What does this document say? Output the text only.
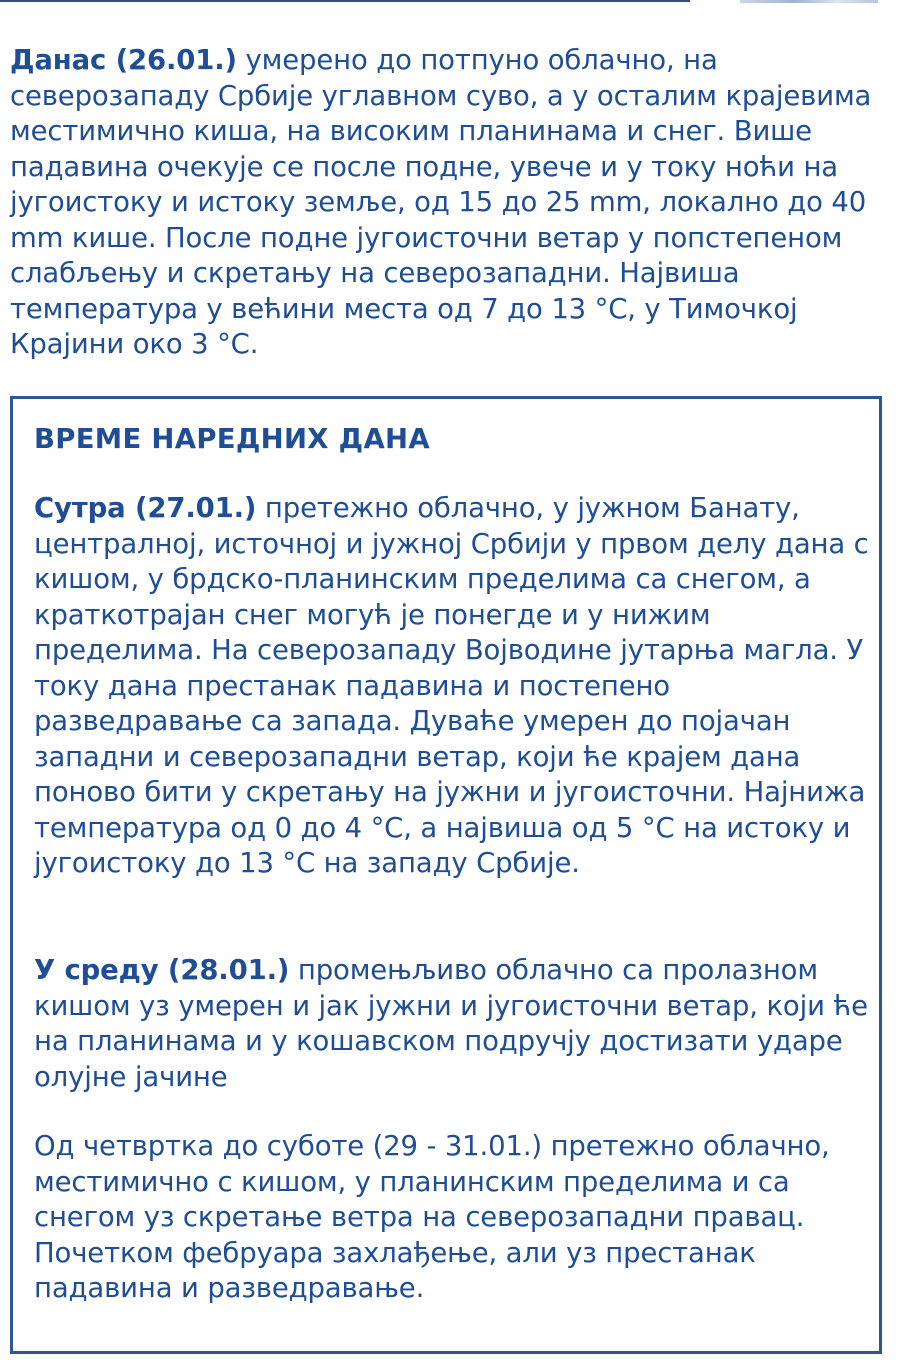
Данас (26.01.) умерено до потпуно облачно, на северозападу Србије углавном суво, а у осталим крајевима местимично киша, на високим планинама и снег. Више падавина очекује се после подне, увече и у току ноћи на југоистоку и истоку земље, од 15 до 25 mm, локално до 40 mm кише. После подне југоисточни ветар у попстепеном слабљењу и скретању на северозападни. Највиша температура у већини места од 7 до 13 °C, у Тимочкој Крајини око 3 °C.

ВРЕМЕ НАРЕДНИХ ДАНА

Сутра (27.01.) претежно облачно, у јужном Банату, централној, источној и јужној Србији у првом делу дана с кишом, у брдско-планинским пределима са снегом, а краткотрајан снег могућ је понегде и у нижим пределима. На северозападу Војводине јутарња магла. У току дана престанак падавина и постепено разведравање са запада. Дуваће умерен до појачан западни и северозападни ветар, који ће крајем дана поново бити у скретању на јужни и југоисточни. Најнижа температура од 0 до 4 °C, а највиша од 5 °C на истоку и југоистоку до 13 °C на западу Србије.

У среду (28.01.) промењљиво облачно са пролазном кишом уз умерен и јак јужни и југоисточни ветар, који ће на планинама и у кошавском подручју достизати ударе олујне јачине

Од четвртка до суботе (29 - 31.01.) претежно облачно, местимично с кишом, у планинским пределима и са снегом уз скретање ветра на северозападни правац. Почетком фебруара захлађење, али уз престанак падавина и разведравање.
